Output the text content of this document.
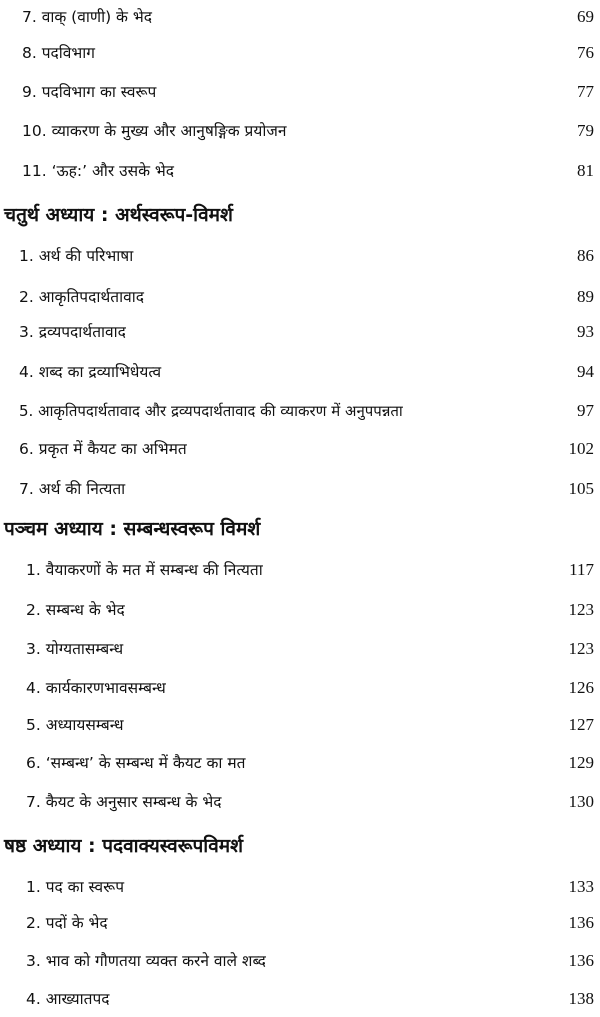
7. वाक् (वाणी) के भेद	69
8. पदविभाग	76
9. पदविभाग का स्वरूप	77
10. व्याकरण के मुख्य और आनुषङ्गिक प्रयोजन	79
11. ‘ऊह:’ और उसके भेद	81
चतुर्थ अध्याय : अर्थस्वरूप-विमर्श
1. अर्थ की परिभाषा	86
2. आकृतिपदार्थतावाद	89
3. द्रव्यपदार्थतावाद	93
4. शब्द का द्रव्याभिधेयत्व	94
5. आकृतिपदार्थतावाद और द्रव्यपदार्थतावाद की व्याकरण में अनुपपन्नता	97
6. प्रकृत में कैयट का अभिमत	102
7. अर्थ की नित्यता	105
पञ्चम अध्याय : सम्बन्धस्वरूप विमर्श
1. वैयाकरणों के मत में सम्बन्ध की नित्यता	117
2. सम्बन्ध के भेद	123
3. योग्यतासम्बन्ध	123
4. कार्यकारणभावसम्बन्ध	126
5. अध्यायसम्बन्ध	127
6. ‘सम्बन्ध’ के सम्बन्ध में कैयट का मत	129
7. कैयट के अनुसार सम्बन्ध के भेद	130
षष्ठ अध्याय : पदवाक्यस्वरूपविमर्श
1. पद का स्वरूप	133
2. पदों के भेद	136
3. भाव को गौणतया व्यक्त करने वाले शब्द	136
4. आख्यातपद	138
